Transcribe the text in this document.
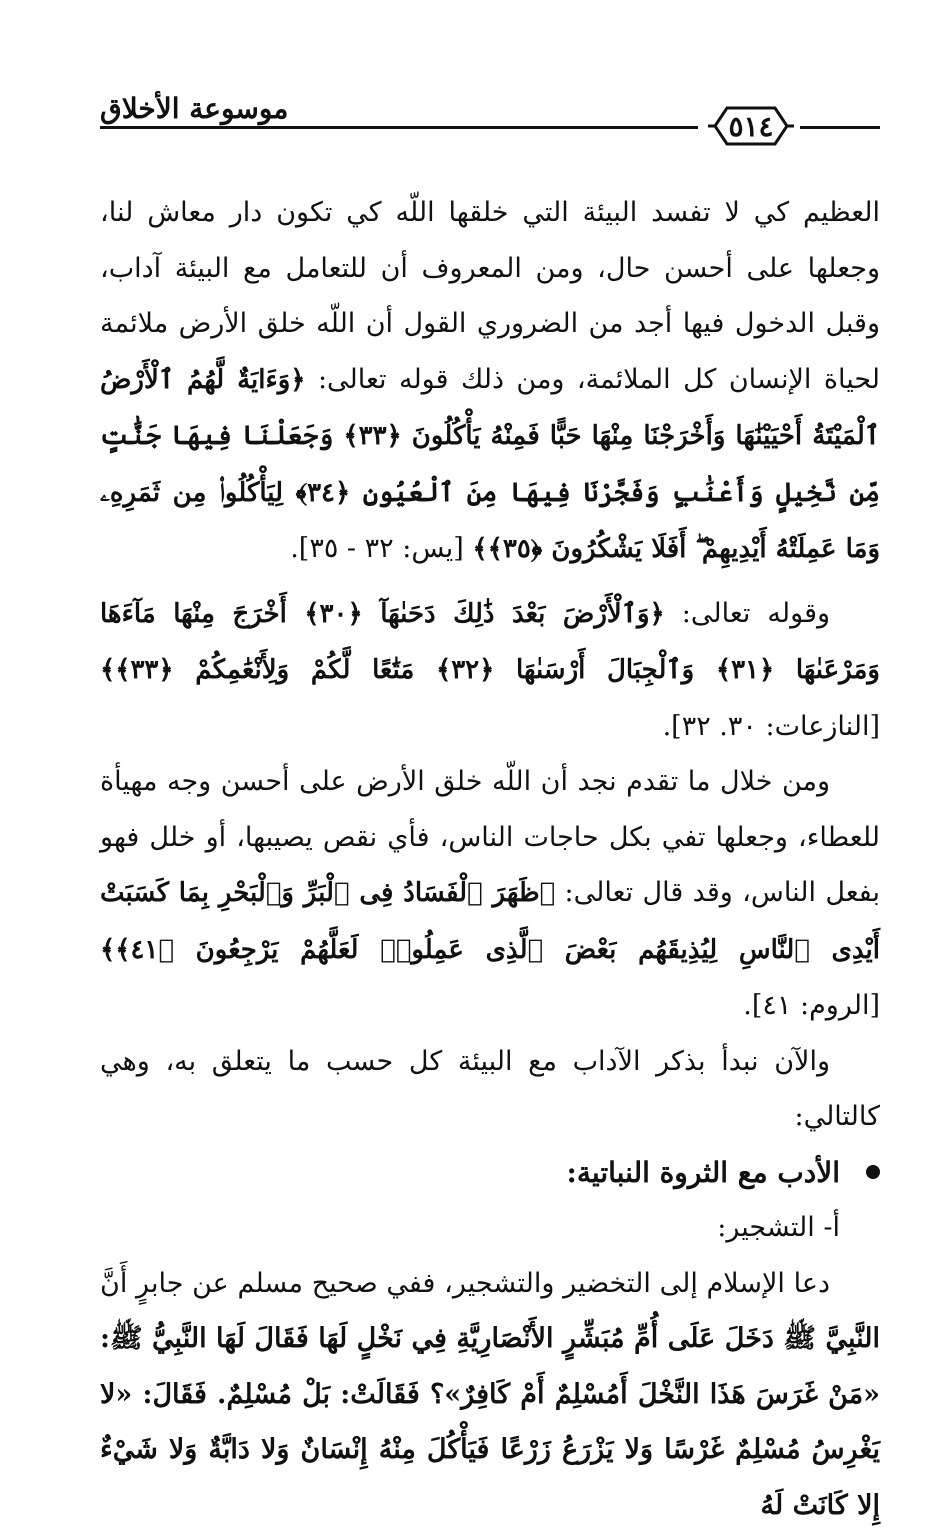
موسوعة الأخلاق
٥١٤

العظيم كي لا تفسد البيئة التي خلقها اللّه كي تكون دار معاش لنا، وجعلها على أحسن حال، ومن المعروف أن للتعامل مع البيئة آداب، وقبل الدخول فيها أجد من الضروري القول أن اللّه خلق الأرض ملائمة لحياة الإنسان كل الملائمة، ومن ذلك قوله تعالى: ﴿وَءَايَةٌ لَّهُمُ ٱلْأَرْضُ ٱلْمَيْتَةُ أَحْيَيْنَٰهَا وَأَخْرَجْنَا مِنْهَا حَبًّا فَمِنْهُ يَأْكُلُونَ ﴿٣٣﴾ وَجَعَلْنَا فِيهَا جَنَّٰتٍ مِّن نَّخِيلٍ وَأَعْنَٰبٍ وَفَجَّرْنَا فِيهَا مِنَ ٱلْعُيُونِ ﴿٣٤﴾ لِيَأْكُلُوا۟ مِن ثَمَرِهِۦ وَمَا عَمِلَتْهُ أَيْدِيهِمْ ۖ أَفَلَا يَشْكُرُونَ ﴿٣٥﴾﴾ [يس: ٣٢ - ٣٥].

وقوله تعالى: ﴿وَٱلْأَرْضَ بَعْدَ ذَٰلِكَ دَحَىٰهَآ ﴿٣٠﴾ أَخْرَجَ مِنْهَا مَآءَهَا وَمَرْعَىٰهَا ﴿٣١﴾ وَٱلْجِبَالَ أَرْسَىٰهَا ﴿٣٢﴾ مَتَٰعًا لَّكُمْ وَلِأَنْعَٰمِكُمْ ﴿٣٣﴾﴾ [النازعات: ٣٠. ٣٢].

ومن خلال ما تقدم نجد أن اللّه خلق الأرض على أحسن وجه مهيأة للعطاء، وجعلها تفي بكل حاجات الناس، فأي نقص يصيبها، أو خلل فهو بفعل الناس، وقد قال تعالى: ﴿ظَهَرَ ٱلْفَسَادُ فِى ٱلْبَرِّ وَٱلْبَحْرِ بِمَا كَسَبَتْ أَيْدِى ٱلنَّاسِ لِيُذِيقَهُم بَعْضَ ٱلَّذِى عَمِلُوا۟ لَعَلَّهُمْ يَرْجِعُونَ ﴿٤١﴾﴾ [الروم: ٤١].

والآن نبدأ بذكر الآداب مع البيئة كل حسب ما يتعلق به، وهي كالتالي:

الأدب مع الثروة النباتية:

أ- التشجير:

دعا الإسلام إلى التخضير والتشجير، ففي صحيح مسلم عن جابرٍ أَنَّ النَّبِيَّ ﷺ دَخَلَ عَلَى أُمِّ مُبَشِّرٍ الأَنْصَارِيَّةِ فِي نَخْلٍ لَهَا فَقَالَ لَهَا النَّبِيُّ ﷺ: «مَنْ غَرَسَ هَذَا النَّخْلَ أَمُسْلِمٌ أَمْ كَافِرٌ»؟ فَقَالَتْ: بَلْ مُسْلِمٌ. فَقَالَ: «لا يَغْرِسُ مُسْلِمٌ غَرْسًا وَلا يَزْرَعُ زَرْعًا فَيَأْكُلَ مِنْهُ إِنْسَانٌ وَلا دَابَّةٌ وَلا شَيْءٌ إِلا كَانَتْ لَهُ
